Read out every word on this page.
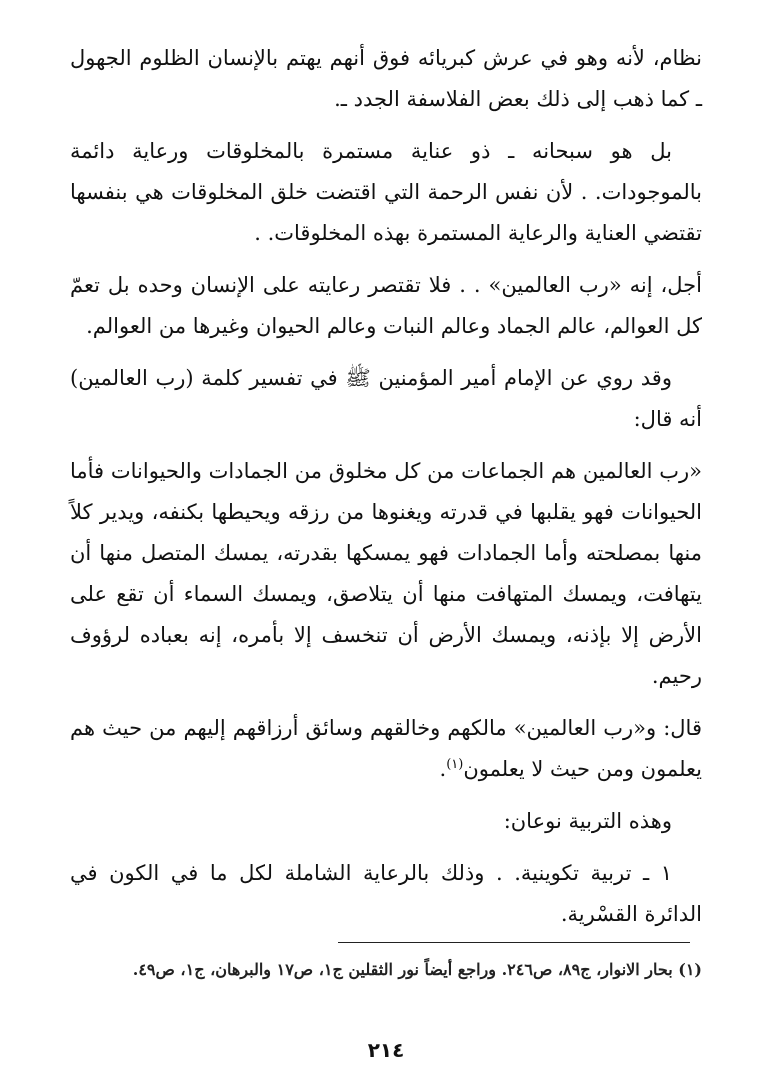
نظام، لأنه وهو في عرش كبريائه فوق أنهم يهتم بالإنسان الظلوم الجهول ـ كما ذهب إلى ذلك بعض الفلاسفة الجدد ـ.

بل هو سبحانه ـ ذو عناية مستمرة بالمخلوقات ورعاية دائمة بالموجودات. . لأن نفس الرحمة التي اقتضت خلق المخلوقات هي بنفسها تقتضي العناية والرعاية المستمرة بهذه المخلوقات. .

أجل، إنه «رب العالمين» . . فلا تقتصر رعايته على الإنسان وحده بل تعمّ كل العوالم، عالم الجماد وعالم النبات وعالم الحيوان وغيرها من العوالم.

وقد روي عن الإمام أمير المؤمنين ﷺ في تفسير كلمة (رب العالمين) أنه قال:

«رب العالمين هم الجماعات من كل مخلوق من الجمادات والحيوانات فأما الحيوانات فهو يقلبها في قدرته ويغنوها من رزقه ويحيطها بكنفه، ويدير كلاً منها بمصلحته وأما الجمادات فهو يمسكها بقدرته، يمسك المتصل منها أن يتهافت، ويمسك المتهافت منها أن يتلاصق، ويمسك السماء أن تقع على الأرض إلا بإذنه، ويمسك الأرض أن تنخسف إلا بأمره، إنه بعباده لرؤوف رحيم.

قال: و«رب العالمين» مالكهم وخالقهم وسائق أرزاقهم إليهم من حيث هم يعلمون ومن حيث لا يعلمون$^{(١)}$.

وهذه التربية نوعان:

١ ـ تربية تكوينية. . وذلك بالرعاية الشاملة لكل ما في الكون في الدائرة القسْرية.

(١) بحار الانوار، ج٨٩، ص٢٤٦. وراجع أيضاً نور الثقلين ج١، ص١٧ والبرهان، ج١، ص٤٩.
٢١٤
